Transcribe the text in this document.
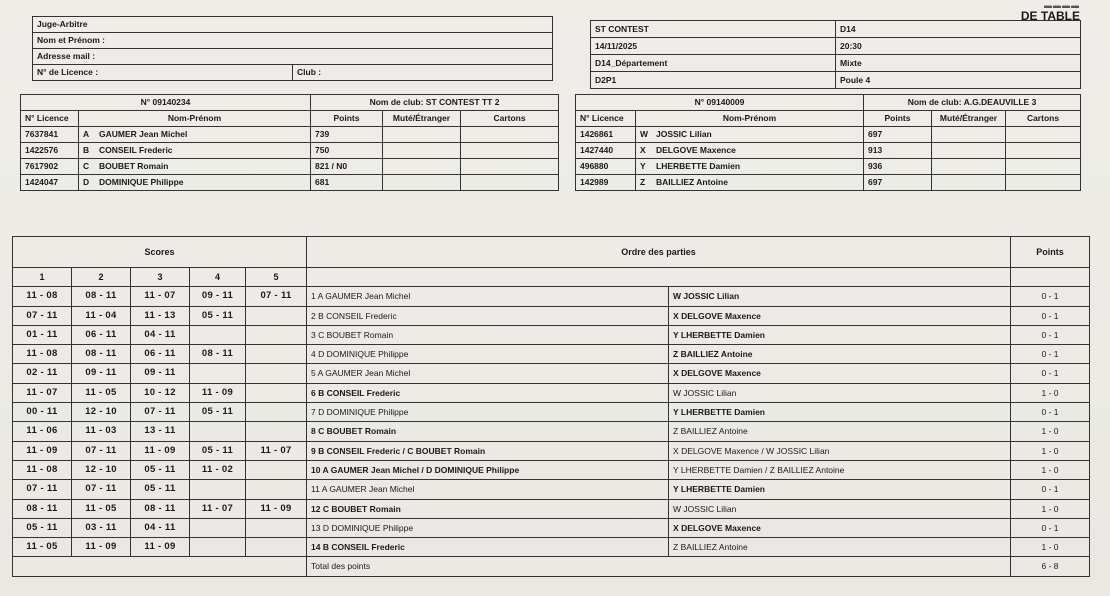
▬▬▬▬
DE TABLE
Juge-Arbitre
Nom et Prénom :
Adresse mail :
N° de Licence :	Club :
ST CONTEST	D14
14/11/2025	20:30
D14_Département	Mixte
D2P1	Poule 4
N° 09140234		Nom de club: ST CONTEST TT 2		
N° Licence	Nom-Prénom	Points	Muté/Étranger	Cartons
7637841	A GAUMER Jean Michel	739		
1422576	B CONSEIL Frederic	750		
7617902	C BOUBET Romain	821 / N0		
1424047	D DOMINIQUE Philippe	681		
N° 09140009		Nom de club: A.G.DEAUVILLE 3		
N° Licence	Nom-Prénom	Points	Muté/Étranger	Cartons
1426861	W JOSSIC Lilian	697		
1427440	X DELGOVE Maxence	913		
496880	Y LHERBETTE Damien	936		
142989	Z BAILLIEZ Antoine	697		
Scores					Ordre des parties		Points
1	2	3	4	5			
11 - 08	08 - 11	11 - 07	09 - 11	07 - 11	1 A GAUMER Jean Michel	W JOSSIC Lilian	0 - 1
07 - 11	11 - 04	11 - 13	05 - 11		2 B CONSEIL Frederic	X DELGOVE Maxence	0 - 1
01 - 11	06 - 11	04 - 11			3 C BOUBET Romain	Y LHERBETTE Damien	0 - 1
11 - 08	08 - 11	06 - 11	08 - 11		4 D DOMINIQUE Philippe	Z BAILLIEZ Antoine	0 - 1
02 - 11	09 - 11	09 - 11			5 A GAUMER Jean Michel	X DELGOVE Maxence	0 - 1
11 - 07	11 - 05	10 - 12	11 - 09		6 B CONSEIL Frederic	W JOSSIC Lilian	1 - 0
00 - 11	12 - 10	07 - 11	05 - 11		7 D DOMINIQUE Philippe	Y LHERBETTE Damien	0 - 1
11 - 06	11 - 03	13 - 11			8 C BOUBET Romain	Z BAILLIEZ Antoine	1 - 0
11 - 09	07 - 11	11 - 09	05 - 11	11 - 07	9 B CONSEIL Frederic / C BOUBET Romain	X DELGOVE Maxence / W JOSSIC Lilian	1 - 0
11 - 08	12 - 10	05 - 11	11 - 02		10 A GAUMER Jean Michel / D DOMINIQUE Philippe	Y LHERBETTE Damien / Z BAILLIEZ Antoine	1 - 0
07 - 11	07 - 11	05 - 11			11 A GAUMER Jean Michel	Y LHERBETTE Damien	0 - 1
08 - 11	11 - 05	08 - 11	11 - 07	11 - 09	12 C BOUBET Romain	W JOSSIC Lilian	1 - 0
05 - 11	03 - 11	04 - 11			13 D DOMINIQUE Philippe	X DELGOVE Maxence	0 - 1
11 - 05	11 - 09	11 - 09			14 B CONSEIL Frederic	Z BAILLIEZ Antoine	1 - 0
					Total des points		6 - 8
